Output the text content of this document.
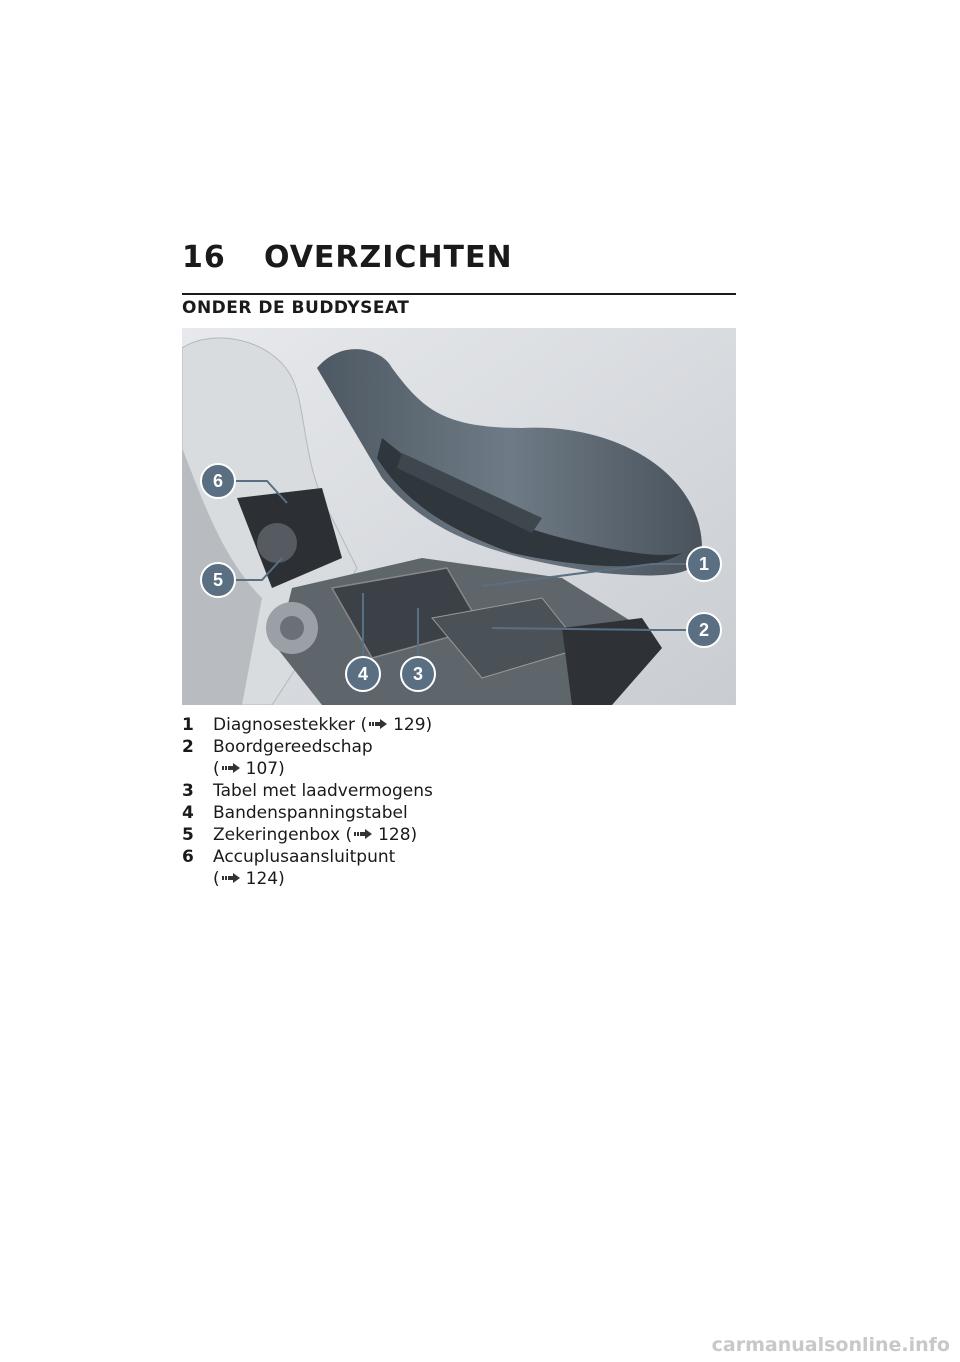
16 OVERZICHTEN
ONDER DE BUDDYSEAT
6
5
1
2
3
4
1	Diagnosestekker ( 129)
2	Boordgereedschap
( 107)
3	Tabel met laadvermogens
4	Bandenspanningstabel
5	Zekeringenbox ( 128)
6	Accuplusaansluitpunt
( 124)
carmanualsonline.info
